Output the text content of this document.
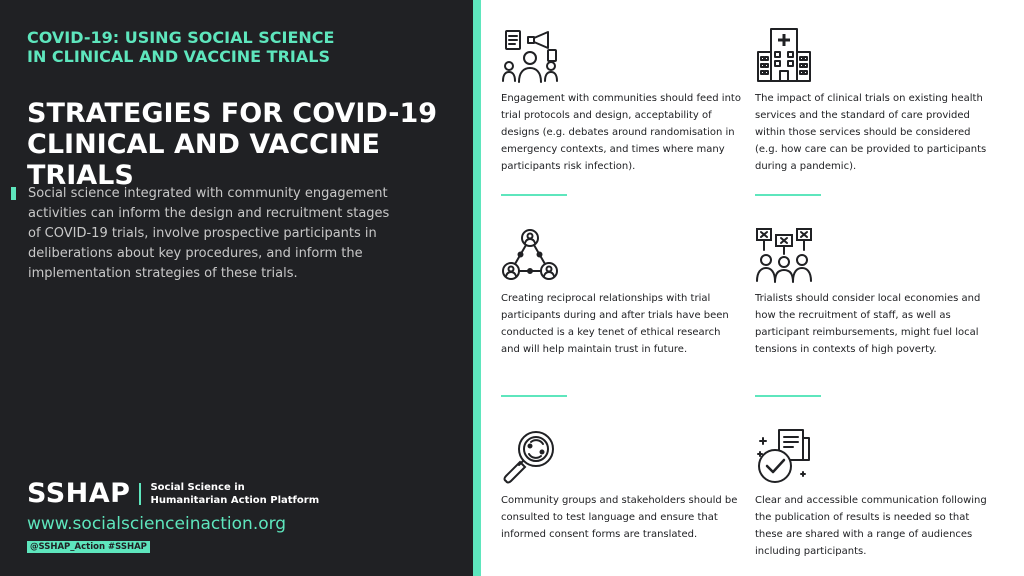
COVID-19: USING SOCIAL SCIENCE
IN CLINICAL AND VACCINE TRIALS
STRATEGIES FOR COVID-19
CLINICAL AND VACCINE TRIALS

Social science integrated with community engagement activities can inform the design and recruitment stages of COVID-19 trials, involve prospective participants in deliberations about key procedures, and inform the implementation strategies of these trials.

SSHAP Social Science in
Humanitarian Action Platform

www.socialscienceinaction.org

@SSHAP_Action #SSHAP

Engagement with communities should feed into trial protocols and design, acceptability of designs (e.g. debates around randomisation in emergency contexts, and times where many participants risk infection).

The impact of clinical trials on existing health services and the standard of care provided within those services should be considered (e.g. how care can be provided to participants during a pandemic).

Creating reciprocal relationships with trial participants during and after trials have been conducted is a key tenet of ethical research and will help maintain trust in future.

Trialists should consider local economies and how the recruitment of staff, as well as participant reimbursements, might fuel local tensions in contexts of high poverty.

Community groups and stakeholders should be consulted to test language and ensure that informed consent forms are translated.

Clear and accessible communication following the publication of results is needed so that these are shared with a range of audiences including participants.
